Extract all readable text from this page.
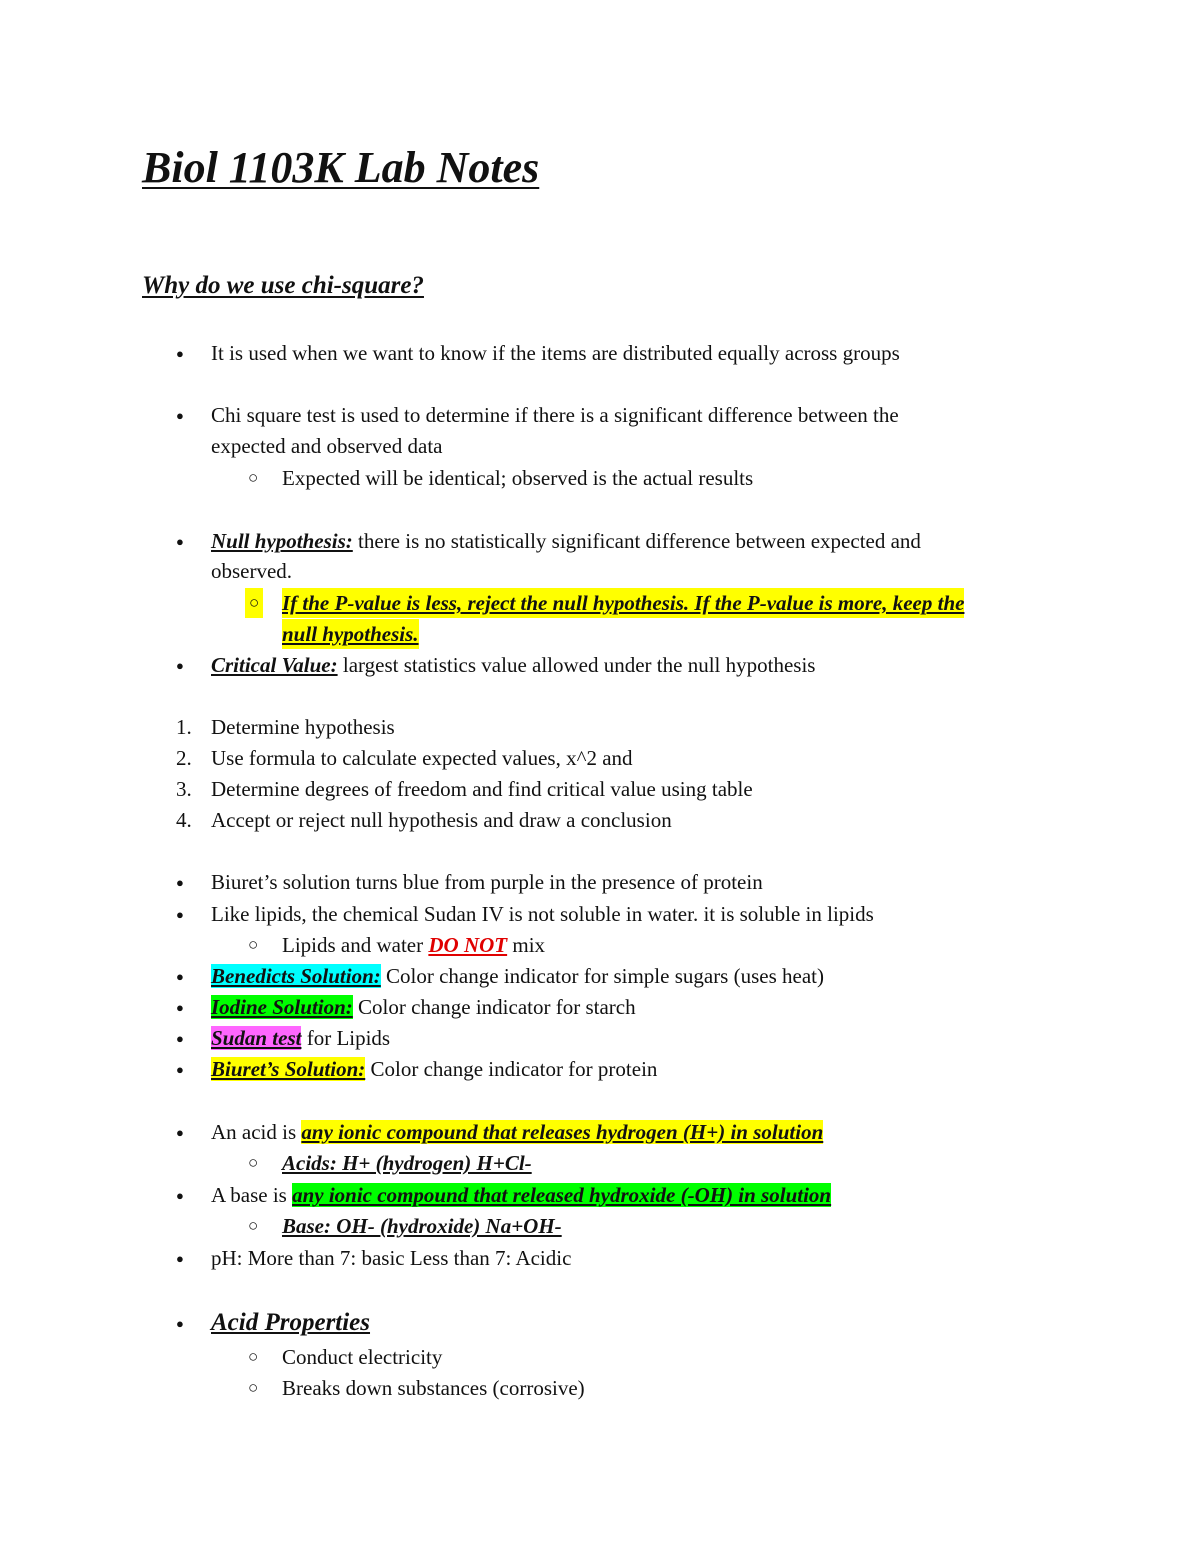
Biol 1103K Lab Notes
Why do we use chi-square?
● It is used when we want to know if the items are distributed equally across groups
● Chi square test is used to determine if there is a significant difference between the
expected and observed data
○ Expected will be identical; observed is the actual results
● Null hypothesis: there is no statistically significant difference between expected and
observed.
○ If the P-value is less, reject the null hypothesis. If the P-value is more, keep the
null hypothesis.
● Critical Value: largest statistics value allowed under the null hypothesis
1. Determine hypothesis
2. Use formula to calculate expected values, x^2 and
3. Determine degrees of freedom and find critical value using table
4. Accept or reject null hypothesis and draw a conclusion
● Biuret’s solution turns blue from purple in the presence of protein
● Like lipids, the chemical Sudan IV is not soluble in water. it is soluble in lipids
○ Lipids and water DO NOT mix
● Benedicts Solution: Color change indicator for simple sugars (uses heat)
● Iodine Solution: Color change indicator for starch
● Sudan test for Lipids
● Biuret’s Solution: Color change indicator for protein
● An acid is any ionic compound that releases hydrogen (H+) in solution
○ Acids: H+ (hydrogen) H+Cl-
● A base is any ionic compound that released hydroxide (-OH) in solution
○ Base: OH- (hydroxide) Na+OH-
● pH: More than 7: basic Less than 7: Acidic
● Acid Properties
○ Conduct electricity
○ Breaks down substances (corrosive)
